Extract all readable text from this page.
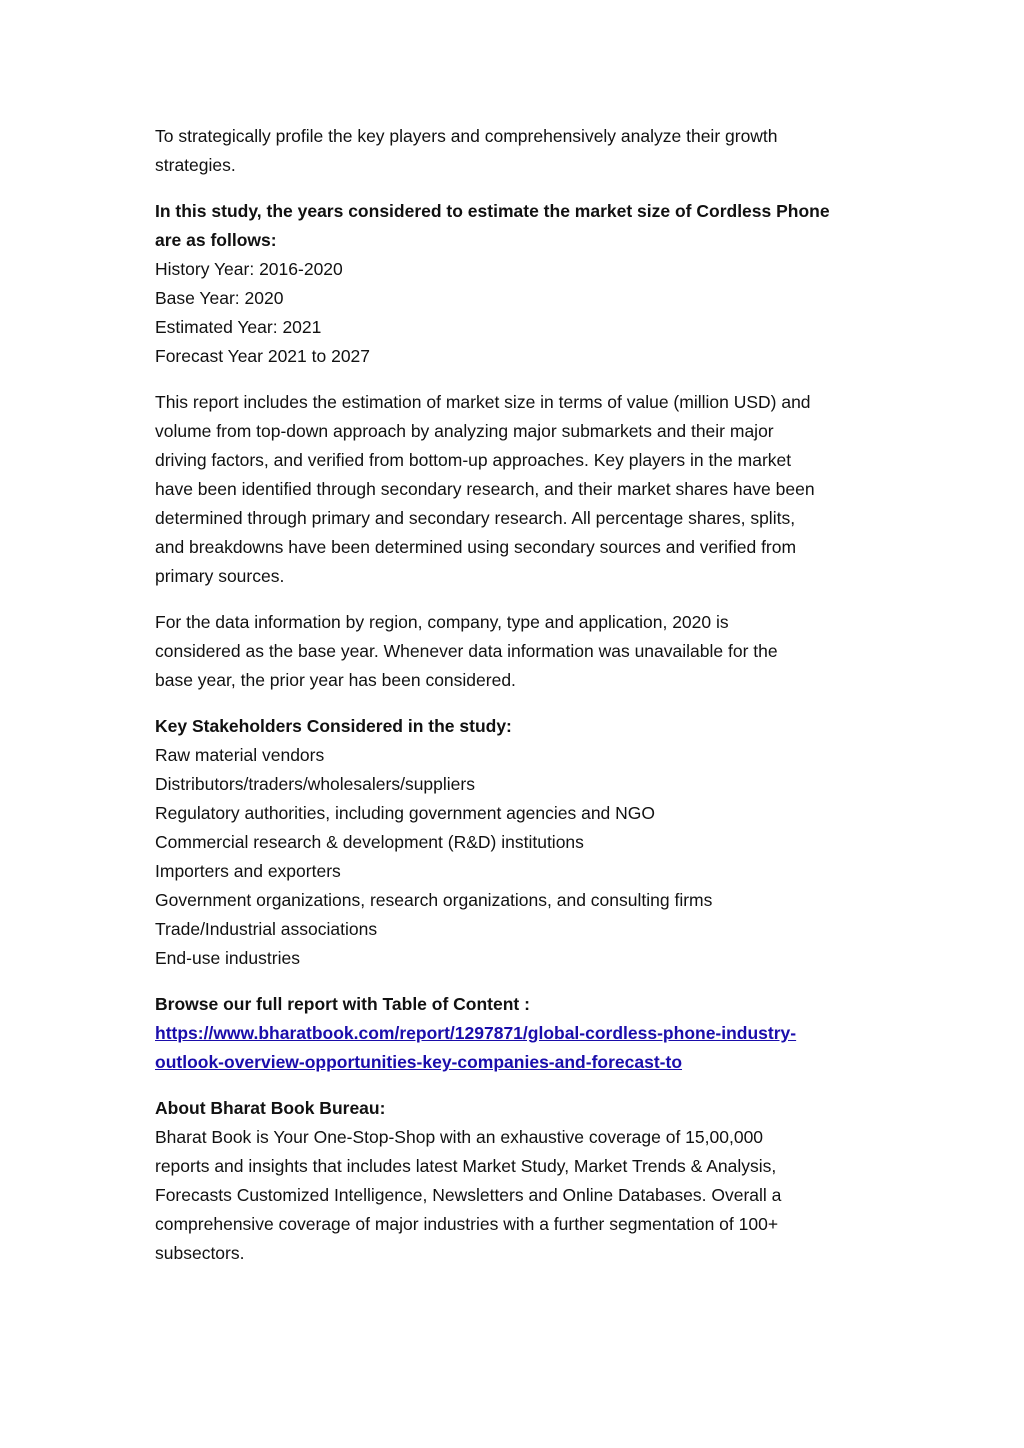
To strategically profile the key players and comprehensively analyze their growth
strategies.

In this study, the years considered to estimate the market size of Cordless Phone
are as follows:
History Year: 2016-2020
Base Year: 2020
Estimated Year: 2021
Forecast Year 2021 to 2027

This report includes the estimation of market size in terms of value (million USD) and
volume from top-down approach by analyzing major submarkets and their major
driving factors, and verified from bottom-up approaches. Key players in the market
have been identified through secondary research, and their market shares have been
determined through primary and secondary research. All percentage shares, splits,
and breakdowns have been determined using secondary sources and verified from
primary sources.

For the data information by region, company, type and application, 2020 is
considered as the base year. Whenever data information was unavailable for the
base year, the prior year has been considered.

Key Stakeholders Considered in the study:
Raw material vendors
Distributors/traders/wholesalers/suppliers
Regulatory authorities, including government agencies and NGO
Commercial research & development (R&D) institutions
Importers and exporters
Government organizations, research organizations, and consulting firms
Trade/Industrial associations
End-use industries

Browse our full report with Table of Content :
https://www.bharatbook.com/report/1297871/global-cordless-phone-industry-
outlook-overview-opportunities-key-companies-and-forecast-to

About Bharat Book Bureau:
Bharat Book is Your One-Stop-Shop with an exhaustive coverage of 15,00,000
reports and insights that includes latest Market Study, Market Trends & Analysis,
Forecasts Customized Intelligence, Newsletters and Online Databases. Overall a
comprehensive coverage of major industries with a further segmentation of 100+
subsectors.
